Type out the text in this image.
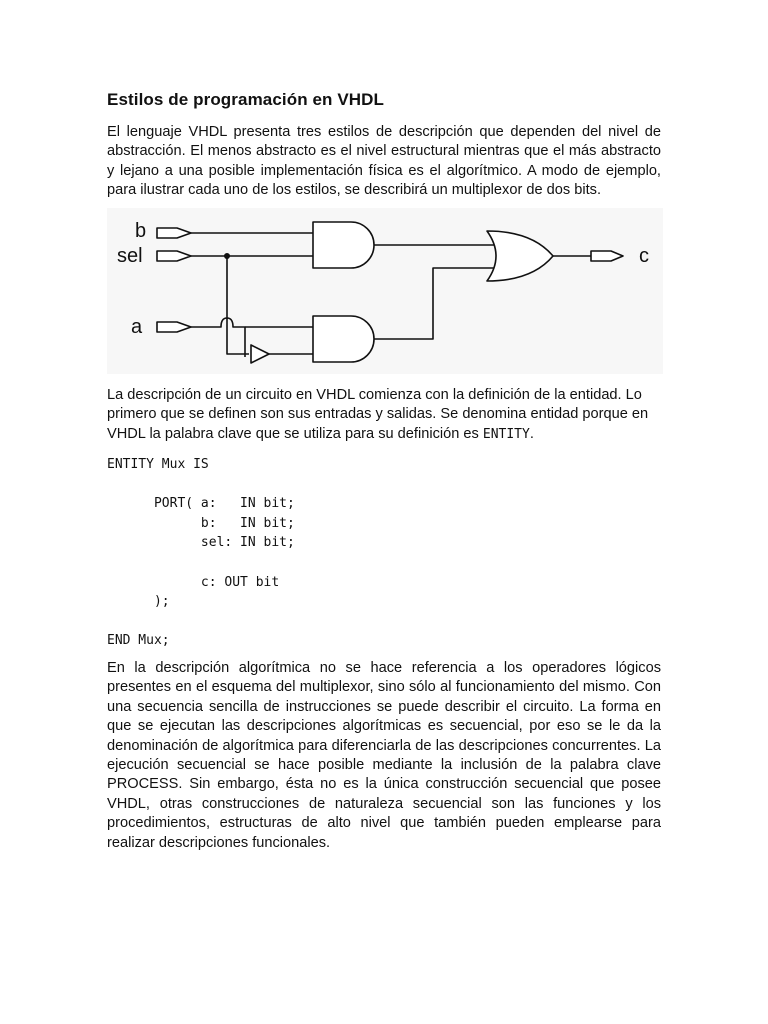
Estilos de programación en VHDL

El lenguaje VHDL presenta tres estilos de descripción que dependen del nivel de abstracción. El menos abstracto es el nivel estructural mientras que el más abstracto y lejano a una posible implementación física es el algorítmico. A modo de ejemplo, para ilustrar cada uno de los estilos, se describirá un multiplexor de dos bits.

La descripción de un circuito en VHDL comienza con la definición de la entidad. Lo primero que se definen son sus entradas y salidas. Se denomina entidad porque en VHDL la palabra clave que se utiliza para su definición es ENTITY.

En la descripción algorítmica no se hace referencia a los operadores lógicos presentes en el esquema del multiplexor, sino sólo al funcionamiento del mismo. Con una secuencia sencilla de instrucciones se puede describir el circuito. La forma en que se ejecutan las descripciones algorítmicas es secuencial, por eso se le da la denominación de algorítmica para diferenciarla de las descripciones concurrentes. La ejecución secuencial se hace posible mediante la inclusión de la palabra clave PROCESS. Sin embargo, ésta no es la única construcción secuencial que posee VHDL, otras construcciones de naturaleza secuencial son las funciones y los procedimientos, estructuras de alto nivel que también pueden emplearse para realizar descripciones funcionales.

b
sel
a
c
ENTITY Mux IS

PORT( a:   IN bit;
b:   IN bit;
sel: IN bit;

c: OUT bit
);

END Mux;
